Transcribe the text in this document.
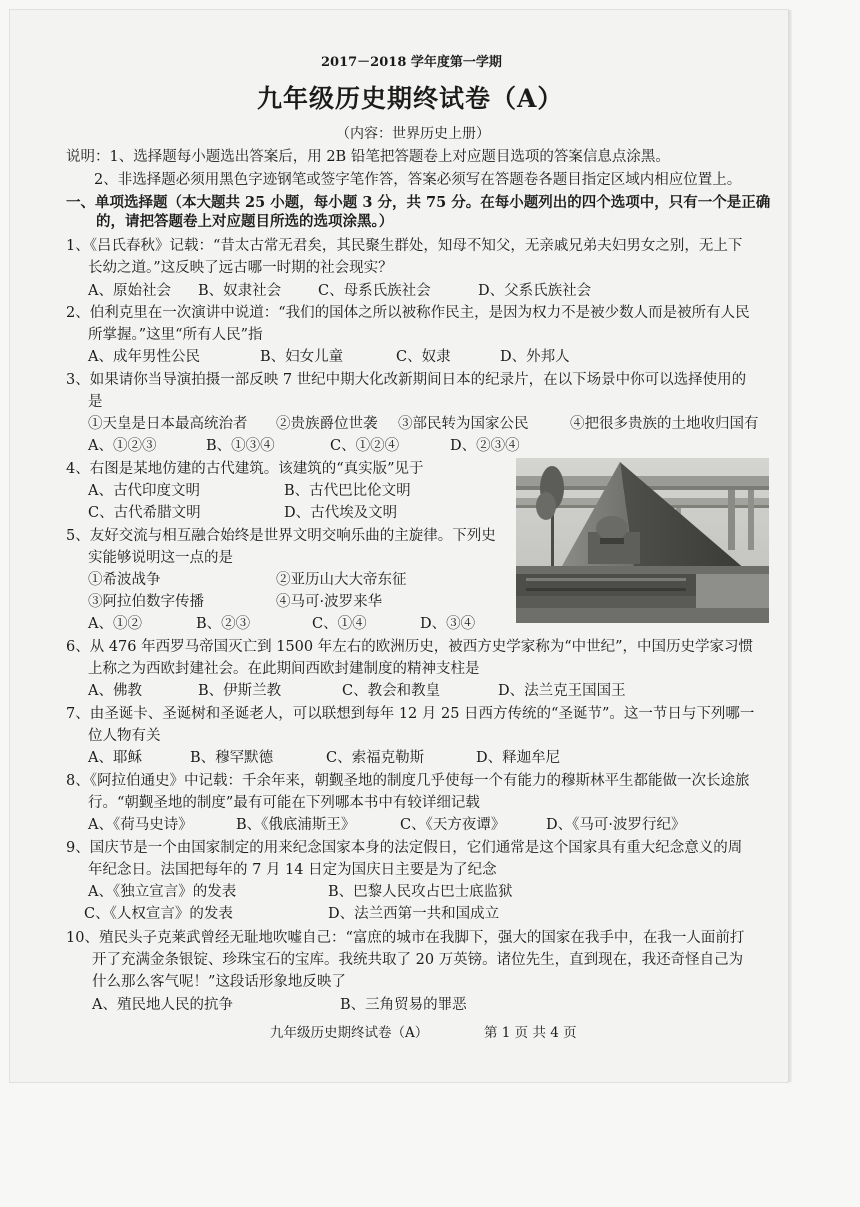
2017－2018 学年度第一学期
九年级历史期终试卷（A）
（内容：世界历史上册）
说明：1、选择题每小题选出答案后，用 2B 铅笔把答题卷上对应题目选项的答案信息点涂黑。
2、非选择题必须用黑色字迹钢笔或签字笔作答，答案必须写在答题卷各题目指定区域内相应位置上。
一、单项选择题（本大题共 25 小题，每小题 3 分，共 75 分。在每小题列出的四个选项中，只有一个是正确
的，请把答题卷上对应题目所选的选项涂黑。）
1、《吕氏春秋》记载：“昔太古常无君矣，其民聚生群处，知母不知父，无亲戚兄弟夫妇男女之别，无上下
长幼之道。”这反映了远古哪一时期的社会现实？
A、原始社会 B、奴隶社会	C、母系氏族社会	D、父系氏族社会
2、伯利克里在一次演讲中说道：“我们的国体之所以被称作民主，是因为权力不是被少数人而是被所有人民
所掌握。”这里“所有人民”指
A、成年男性公民	B、妇女儿童	C、奴隶	D、外邦人
3、如果请你当导演拍摄一部反映 7 世纪中期大化改新期间日本的纪录片，在以下场景中你可以选择使用的
是
①天皇是日本最高统治者 ②贵族爵位世袭 ③部民转为国家公民	④把很多贵族的土地收归国有
A、①②③	B、①③④	C、①②④	D、②③④
4、右图是某地仿建的古代建筑。该建筑的“真实版”见于
A、古代印度文明	B、古代巴比伦文明
C、古代希腊文明	D、古代埃及文明
5、友好交流与相互融合始终是世界文明交响乐曲的主旋律。下列史
实能够说明这一点的是
①希波战争	②亚历山大大帝东征
③阿拉伯数字传播	④马可·波罗来华
A、①②	B、②③	C、①④	D、③④
6、从 476 年西罗马帝国灭亡到 1500 年左右的欧洲历史，被西方史学家称为“中世纪”，中国历史学家习惯
上称之为西欧封建社会。在此期间西欧封建制度的精神支柱是
A、佛教	B、伊斯兰教	C、教会和教皇	D、法兰克王国国王
7、由圣诞卡、圣诞树和圣诞老人，可以联想到每年 12 月 25 日西方传统的“圣诞节”。这一节日与下列哪一
位人物有关
A、耶稣	B、穆罕默德	C、索福克勒斯	D、释迦牟尼
8、《阿拉伯通史》中记载：千余年来，朝觐圣地的制度几乎使每一个有能力的穆斯林平生都能做一次长途旅
行。“朝觐圣地的制度”最有可能在下列哪本书中有较详细记载
A、《荷马史诗》	B、《俄底浦斯王》	C、《天方夜谭》	D、《马可·波罗行纪》
9、国庆节是一个由国家制定的用来纪念国家本身的法定假日，它们通常是这个国家具有重大纪念意义的周
年纪念日。法国把每年的 7 月 14 日定为国庆日主要是为了纪念
A、《独立宣言》的发表	B、巴黎人民攻占巴士底监狱
C、《人权宣言》的发表	D、法兰西第一共和国成立
10、殖民头子克莱武曾经无耻地吹嘘自己：“富庶的城市在我脚下，强大的国家在我手中，在我一人面前打
开了充满金条银锭、珍珠宝石的宝库。我统共取了 20 万英镑。诸位先生，直到现在，我还奇怪自己为
什么那么客气呢！”这段话形象地反映了
A、殖民地人民的抗争	B、三角贸易的罪恶
九年级历史期终试卷（A）	第 1 页 共 4 页
